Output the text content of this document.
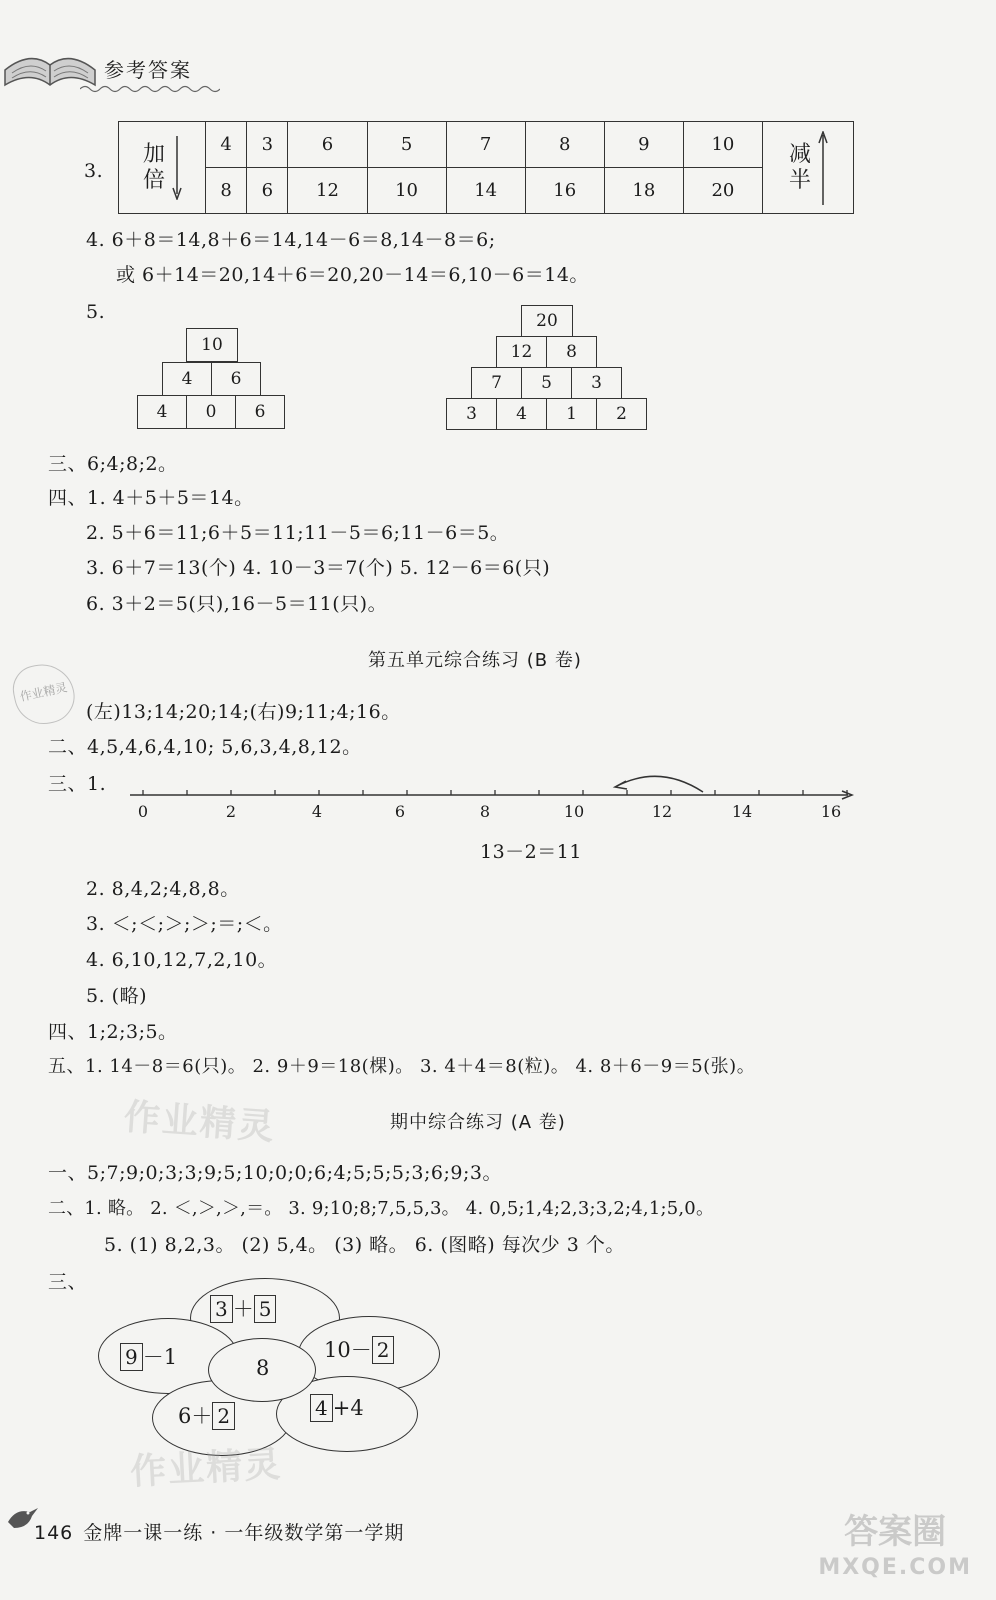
参考答案
3.
加倍	4	3	6	5	7	8	9	10	减半

	8	6	12	10	14	16	18	20	
4. 6＋8＝14,8＋6＝14,14－6＝8,14－8＝6;
或 6＋14＝20,14＋6＝20,20－14＝6,10－6＝14。
5.
10
4	6
4	0	6
20
12	8
7	5	3
3	4	1	2
三、6;4;8;2。
四、1. 4＋5＋5＝14。
2. 5＋6＝11;6＋5＝11;11－5＝6;11－6＝5。
3. 6＋7＝13(个) 4. 10－3＝7(个) 5. 12－6＝6(只)
6. 3＋2＝5(只),16－5＝11(只)。
第五单元综合练习 (B 卷)
作业精灵
(左)13;14;20;14;(右)9;11;4;16。
二、4,5,4,6,4,10; 5,6,3,4,8,12。
三、1.
0	2	4	6	8	10	12	14	16
13－2＝11
2. 8,4,2;4,8,8。
3. ＜;＜;＞;＞;＝;＜。
4. 6,10,12,7,2,10。
5. (略)
四、1;2;3;5。
五、1. 14－8＝6(只)。 2. 9＋9＝18(棵)。 3. 4＋4＝8(粒)。 4. 8＋6－9＝5(张)。
作业精灵	期中综合练习 (A 卷)
一、5;7;9;0;3;3;9;5;10;0;0;6;4;5;5;5;3;6;9;3。
二、1. 略。 2. ＜,＞,＞,＝。 3. 9;10;8;7,5,5,3。 4. 0,5;1,4;2,3;3,2;4,1;5,0。
5. (1) 8,2,3。 (2) 5,4。 (3) 略。 6. (图略) 每次少 3 个。
三、
3 ＋ 5
9 －1	10－ 2
8
6＋ 2	4 +4
作业精灵
146 金牌一课一练 · 一年级数学第一学期	答案圈
MXQE.COM
